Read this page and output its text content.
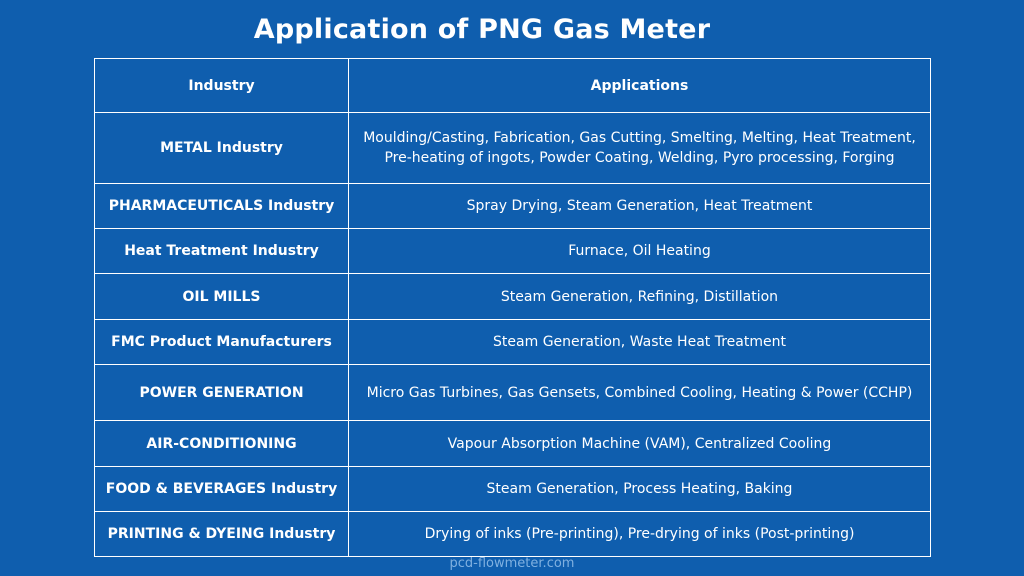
Application of PNG Gas Meter
Industry	Applications
METAL Industry	Moulding/Casting, Fabrication, Gas Cutting, Smelting, Melting, Heat Treatment, Pre-heating of ingots, Powder Coating, Welding, Pyro processing, Forging
PHARMACEUTICALS Industry	Spray Drying, Steam Generation, Heat Treatment
Heat Treatment Industry	Furnace, Oil Heating
OIL MILLS	Steam Generation, Refining, Distillation
FMC Product Manufacturers	Steam Generation, Waste Heat Treatment
POWER GENERATION	Micro Gas Turbines, Gas Gensets, Combined Cooling, Heating & Power (CCHP)
AIR-CONDITIONING	Vapour Absorption Machine (VAM), Centralized Cooling
FOOD & BEVERAGES Industry	Steam Generation, Process Heating, Baking
PRINTING & DYEING Industry	Drying of inks (Pre-printing), Pre-drying of inks (Post-printing)
pcd-flowmeter.com
